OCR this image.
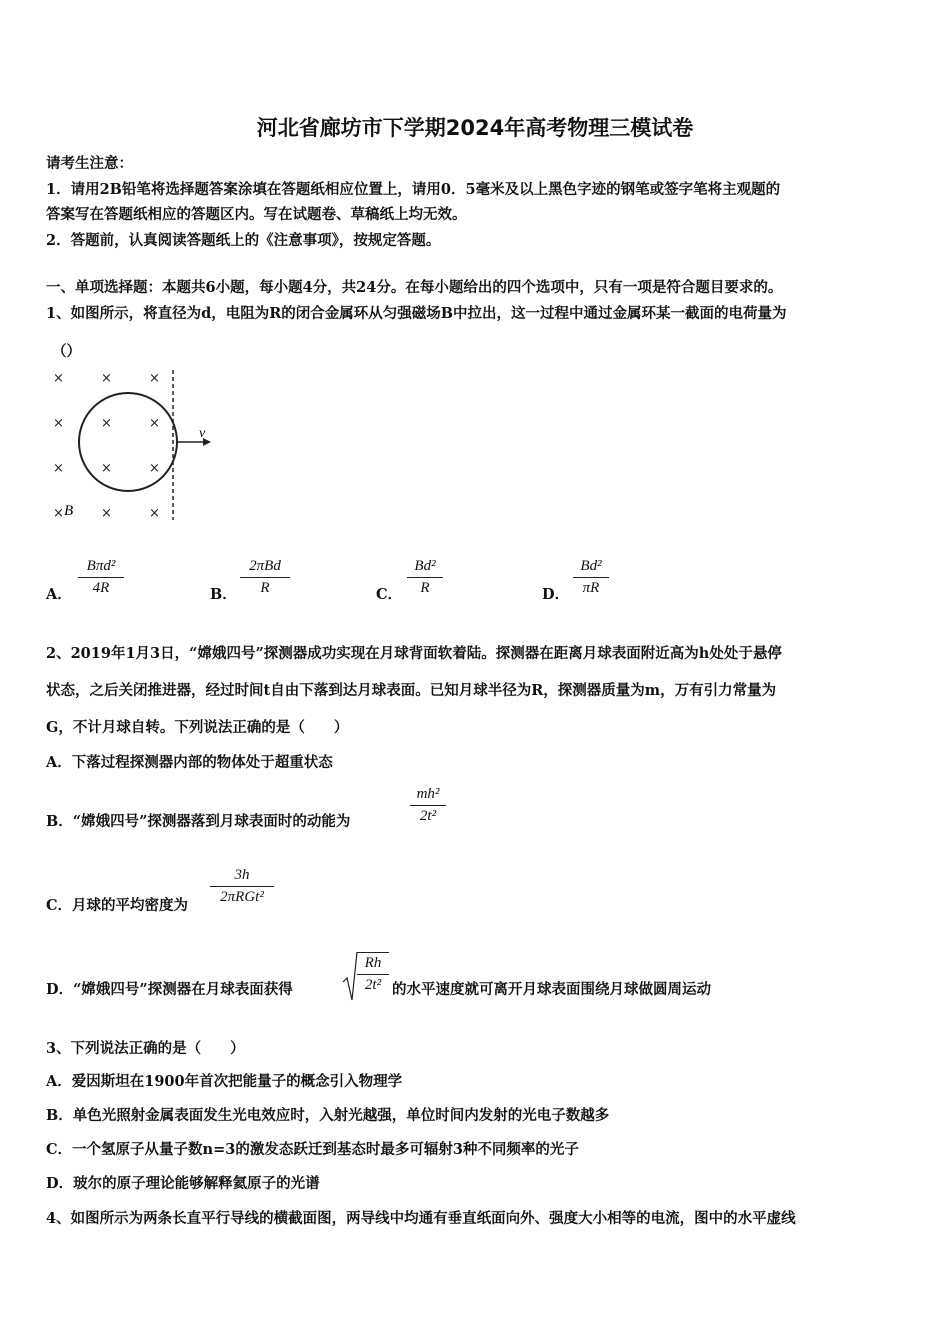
河北省廊坊市下学期2024年高考物理三模试卷
请考生注意：
1．请用2B铅笔将选择题答案涂填在答题纸相应位置上，请用0．5毫米及以上黑色字迹的钢笔或签字笔将主观题的
答案写在答题纸相应的答题区内。写在试题卷、草稿纸上均无效。
2．答题前，认真阅读答题纸上的《注意事项》，按规定答题。
一、单项选择题：本题共6小题，每小题4分，共24分。在每小题给出的四个选项中，只有一项是符合题目要求的。
1、如图所示，将直径为d，电阻为R的闭合金属环从匀强磁场B中拉出，这一过程中通过金属环某一截面的电荷量为
（）
×	×	×
×	×	×
×	×	×
×	×	×
v
B
A．
Bπd²
4R	B．
2πBd
R	C．
Bd²
R	D．
Bd²
πR
2、2019年1月3日，“嫦娥四号”探测器成功实现在月球背面软着陆。探测器在距离月球表面附近高为h处处于悬停
状态，之后关闭推进器，经过时间t自由下落到达月球表面。已知月球半径为R，探测器质量为m，万有引力常量为
G，不计月球自转。下列说法正确的是（　　）
A．下落过程探测器内部的物体处于超重状态
B．“嫦娥四号”探测器落到月球表面时的动能为
mh²
2t²
C．月球的平均密度为
3h
2πRGt²
D．“嫦娥四号”探测器在月球表面获得
Rh
2t² 的水平速度就可离开月球表面围绕月球做圆周运动
3、下列说法正确的是（　　）
A．爱因斯坦在1900年首次把能量子的概念引入物理学
B．单色光照射金属表面发生光电效应时，入射光越强，单位时间内发射的光电子数越多
C．一个氢原子从量子数n=3的激发态跃迁到基态时最多可辐射3种不同频率的光子
D．玻尔的原子理论能够解释氦原子的光谱
4、如图所示为两条长直平行导线的横截面图，两导线中均通有垂直纸面向外、强度大小相等的电流，图中的水平虚线
